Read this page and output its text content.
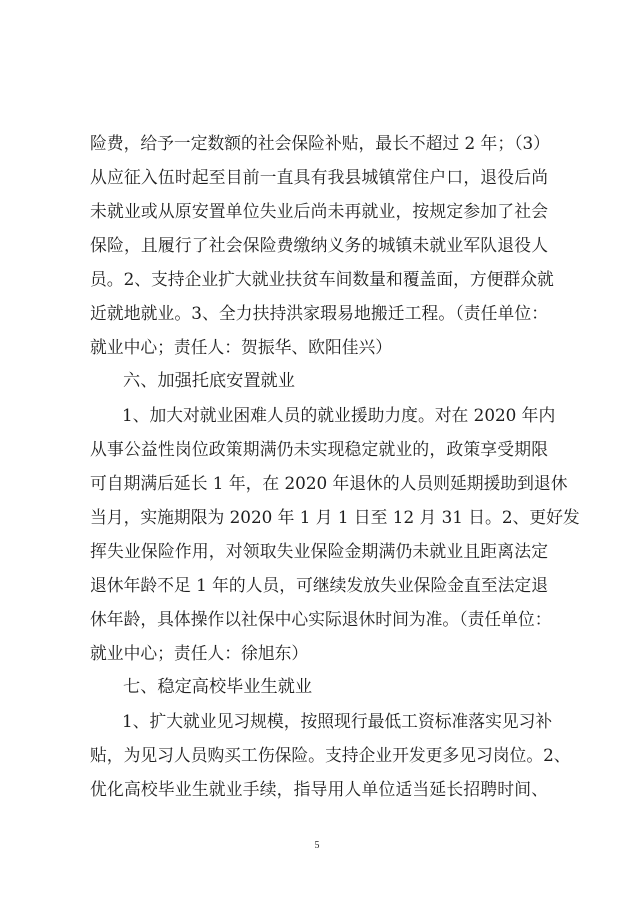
险费，给予一定数额的社会保险补贴，最长不超过 2 年；（3）
从应征入伍时起至目前一直具有我县城镇常住户口，退役后尚
未就业或从原安置单位失业后尚未再就业，按规定参加了社会
保险，且履行了社会保险费缴纳义务的城镇未就业军队退役人
员。2、支持企业扩大就业扶贫车间数量和覆盖面，方便群众就
近就地就业。3、全力扶持洪家瑕易地搬迁工程。（责任单位：
就业中心；责任人：贺振华、欧阳佳兴）
六、加强托底安置就业
1、加大对就业困难人员的就业援助力度。对在 2020 年内
从事公益性岗位政策期满仍未实现稳定就业的，政策享受期限
可自期满后延长 1 年，在 2020 年退休的人员则延期援助到退休
当月，实施期限为 2020 年 1 月 1 日至 12 月 31 日。2、更好发
挥失业保险作用，对领取失业保险金期满仍未就业且距离法定
退休年龄不足 1 年的人员，可继续发放失业保险金直至法定退
休年龄，具体操作以社保中心实际退休时间为准。（责任单位：
就业中心；责任人：徐旭东）
七、稳定高校毕业生就业
1、扩大就业见习规模，按照现行最低工资标准落实见习补
贴，为见习人员购买工伤保险。支持企业开发更多见习岗位。2、
优化高校毕业生就业手续，指导用人单位适当延长招聘时间、
5
